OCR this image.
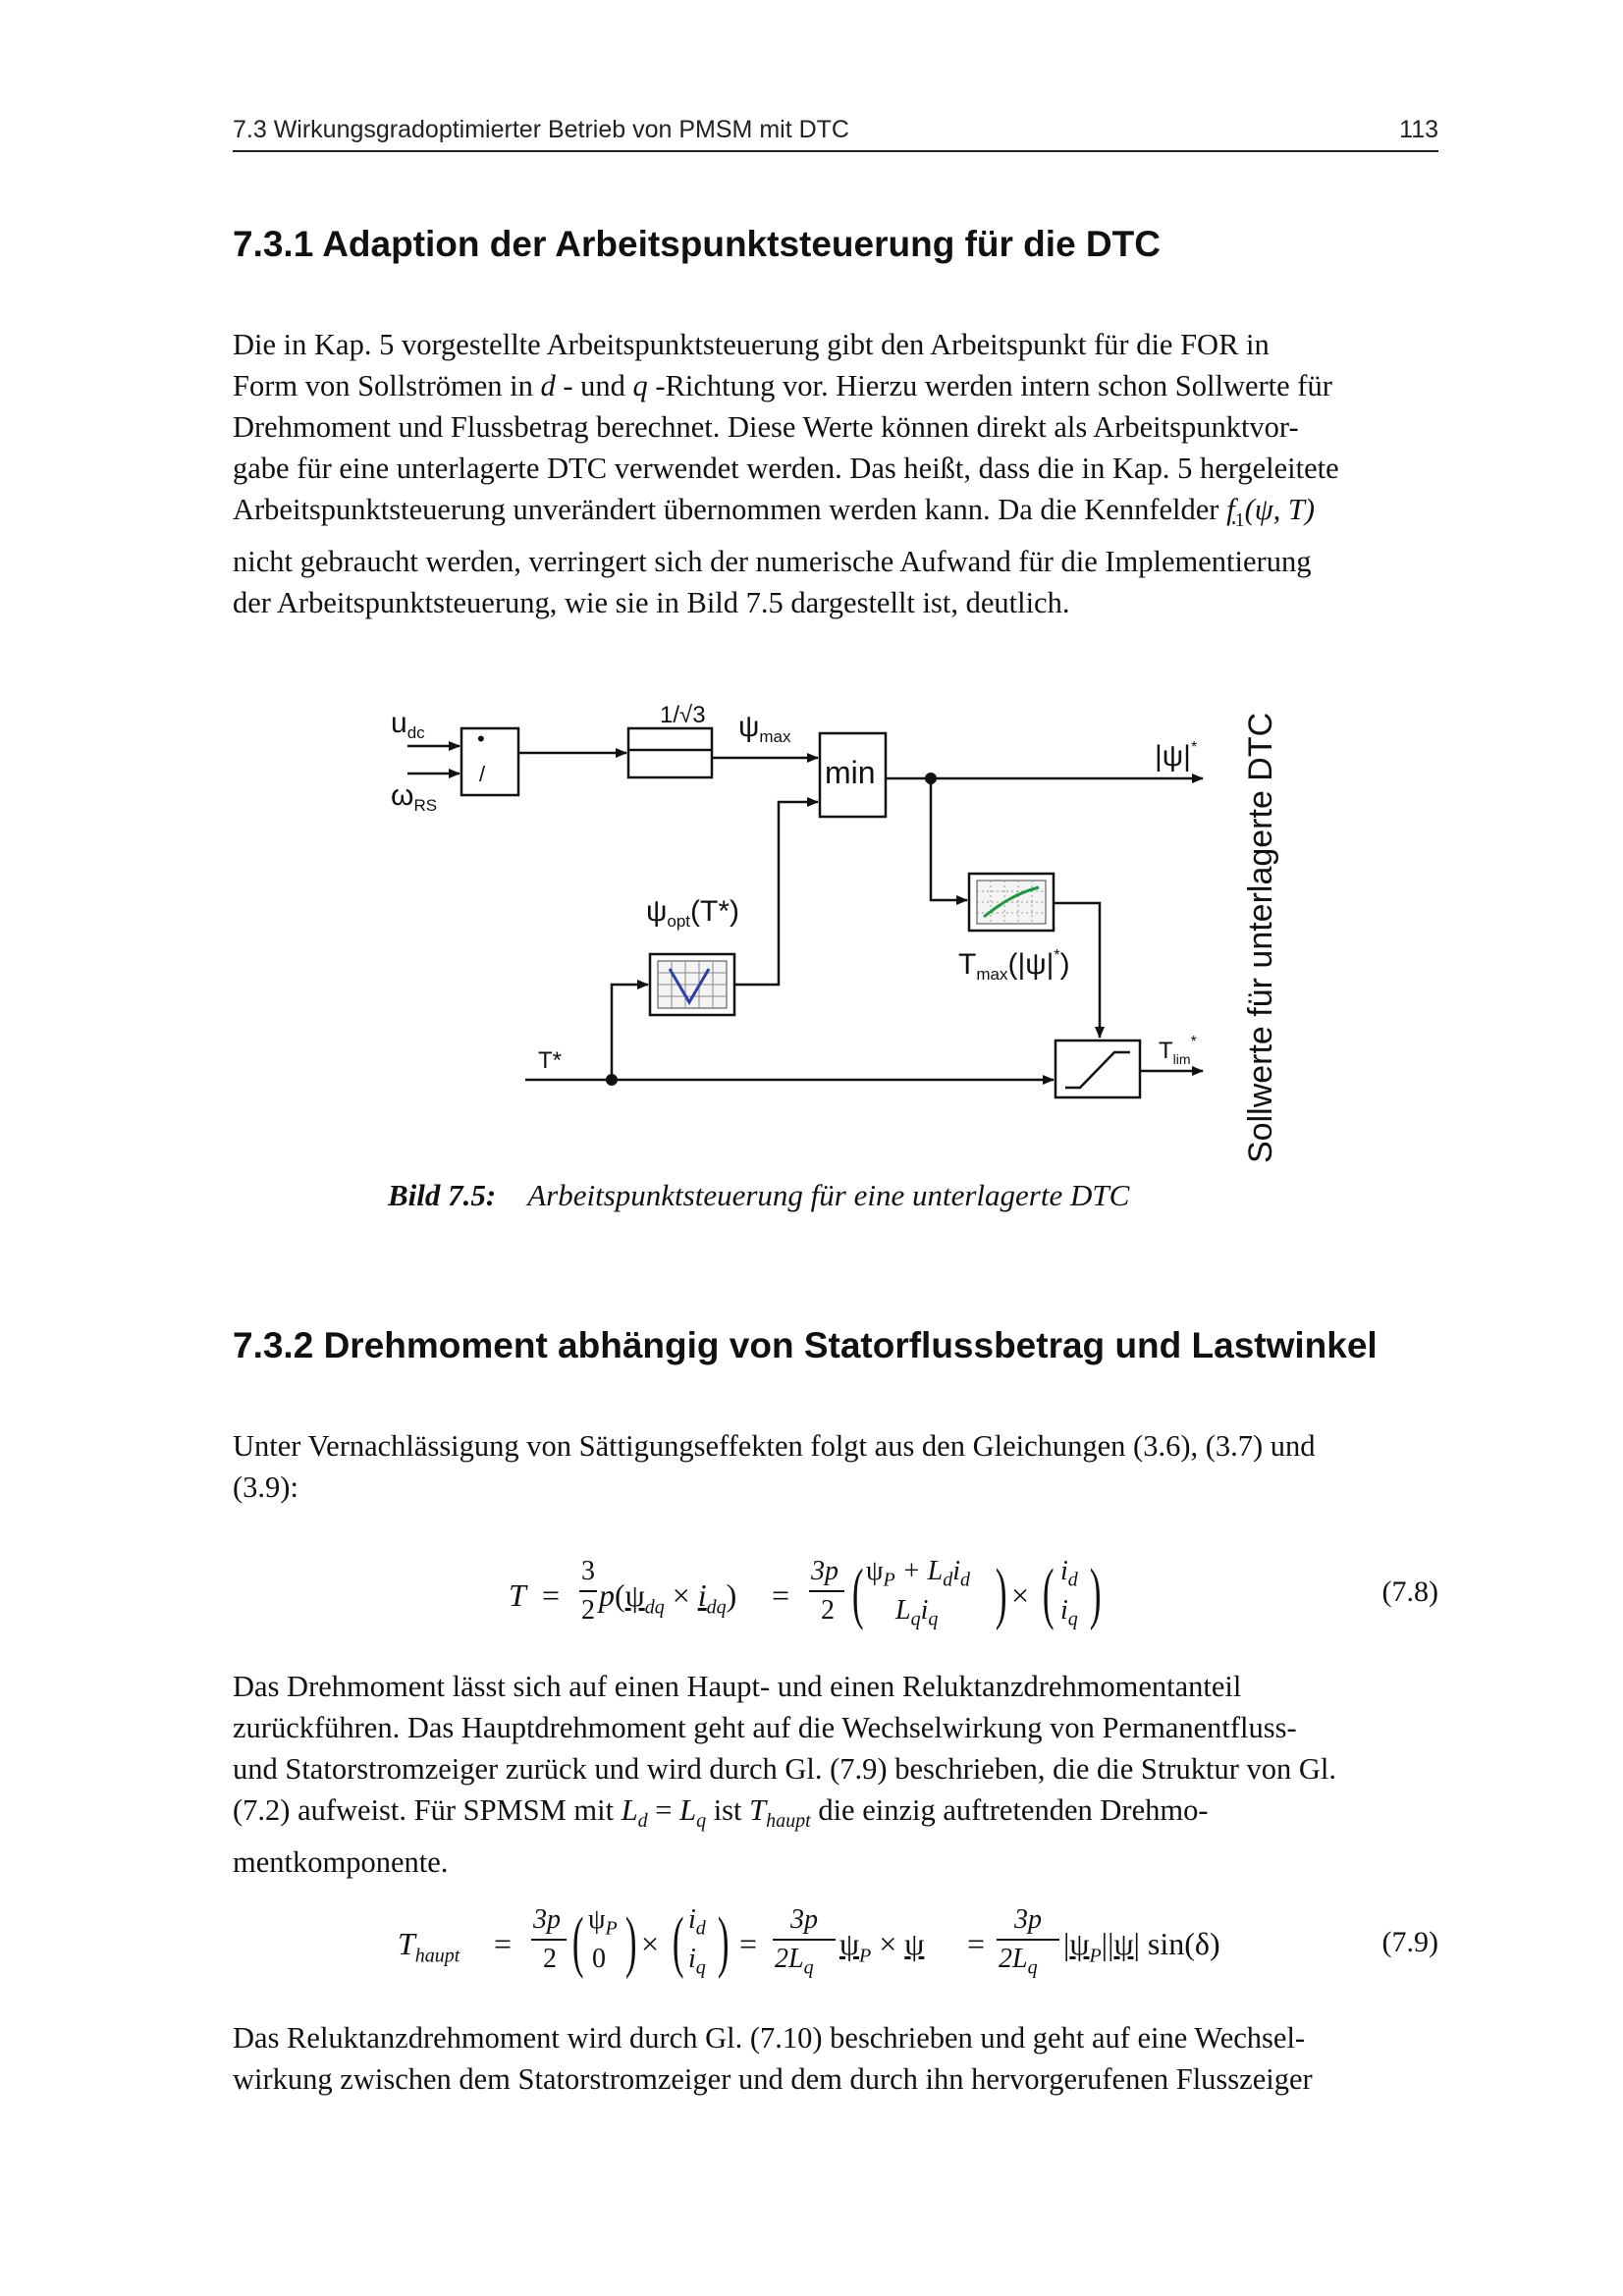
7.3 Wirkungsgradoptimierter Betrieb von PMSM mit DTC	113
7.3.1 Adaption der Arbeitspunktsteuerung für die DTC
Die in Kap. 5 vorgestellte Arbeitspunktsteuerung gibt den Arbeitspunkt für die FOR in
Form von Sollströmen in d - und q -Richtung vor. Hierzu werden intern schon Sollwerte für
Drehmoment und Flussbetrag berechnet. Diese Werte können direkt als Arbeitspunktvor-
gabe für eine unterlagerte DTC verwendet werden. Das heißt, dass die in Kap. 5 hergeleitete
Arbeitspunktsteuerung unverändert übernommen werden kann. Da die Kennfelder $f_1(\psi$, T)
nicht gebraucht werden, verringert sich der numerische Aufwand für die Implementierung
der Arbeitspunktsteuerung, wie sie in Bild 7.5 dargestellt ist, deutlich.
$u_{dc}$
$\omega_{RS}$
•
/
1/√3 $\psi_{max}$
min	|ψ|*
$\psi_{opt}(T*)$
$T_{max}(|\psi|^*)$
T*	$T_{lim}^*$ Sollwerte für unterlagerte DTC
Bild 7.5: Arbeitspunktsteuerung für eine unterlagerte DTC
7.3.2 Drehmoment abhängig von Statorflussbetrag und Lastwinkel
Unter Vernachlässigung von Sättigungseffekten folgt aus den Gleichungen (3.6), (3.7) und
(3.9):
T =
3
2 $p(\psi_{dq} \times i_{dq})$ =
3p
2 ( $\psi_P + L_di_d$
$L_qi_q$ ) × ( $i_d$
$i_q$ )	(7.8)
Das Drehmoment lässt sich auf einen Haupt- und einen Reluktanzdrehmomentanteil
zurückführen. Das Hauptdrehmoment geht auf die Wechselwirkung von Permanentfluss-
und Statorstromzeiger zurück und wird durch Gl. (7.9) beschrieben, die die Struktur von Gl.
(7.2) aufweist. Für SPMSM mit $L_d = L_q$ ist $T_{haupt}$ die einzig auftretenden Drehmo-
mentkomponente.
$T_{haupt}$ =
3p
2 ( $\psi_P$
0 ) × ( $i_d$
$i_q$ ) =
3p
$2L_q$
$\psi_P \times \psi$ =
3p
$2L_q$
$|\psi_P||\psi|$ sin(δ)	(7.9)
Das Reluktanzdrehmoment wird durch Gl. (7.10) beschrieben und geht auf eine Wechsel-
wirkung zwischen dem Statorstromzeiger und dem durch ihn hervorgerufenen Flusszeiger
